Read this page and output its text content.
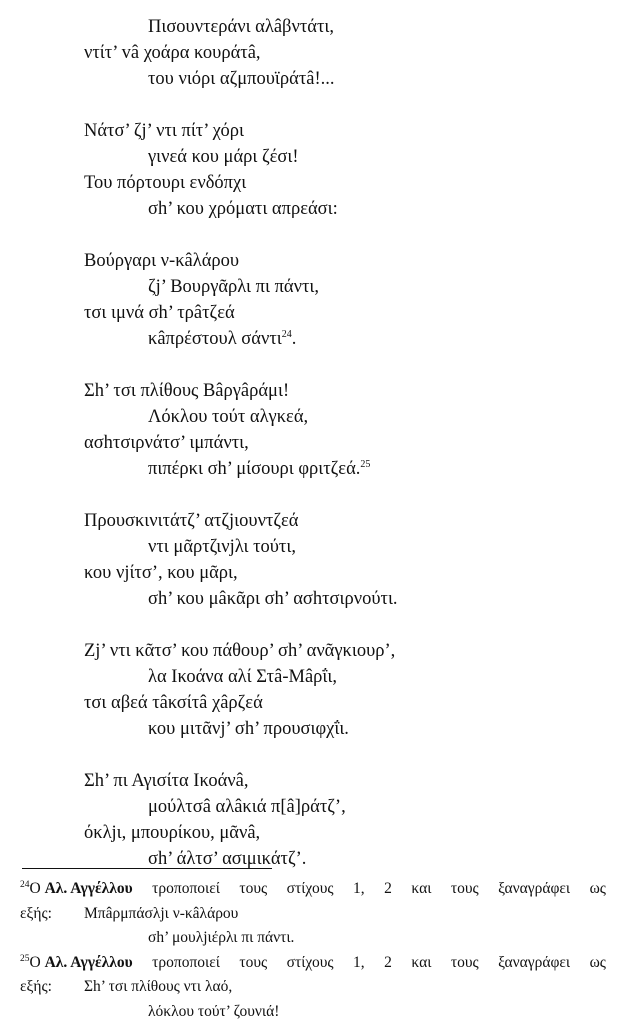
Πισουντεράνι αλâβντάτι,
ντίτ’ vâ χοάρα κουράτâ,
του νιόρι αζμπουϊράτâ!...
Νάτσ’ ζj’ ντι πίτ’ χόρι
γινεά κου μάρι ζέσι!
Του πόρτουρι ενδόπχι
σh’ κου χρόματι απρεάσι:
Βούργαρι ν-κâλάρου
ζj’ Βουργᾶρλι πι πάντι,
τσι ιμνά σh’ τρâτζεά
κâπρέστουλ σάντι$^{24}$.
Σh’ τσι πλίθους Βâργâράμι!
Λόκλου τούτ αλγκεά,
ασhτσιρνάτσ’ ιμπάντι,
πιπέρκι σh’ μίσουρι φριτζεά.$^{25}$
Προυσκινιτάτζ’ ατζjιουντζεά
ντι μᾶρτζινjλι τούτι,
κου νjίτσ’, κου μᾶρι,
σh’ κου μâκᾶρι σh’ ασhτσιρνούτι.
Ζj’ ντι κᾶτσ’ κου πάθουρ’ σh’ ανᾶγκιουρ’,
λα Ικοάνα αλί Στâ-Μâρΐι,
τσι αβεά τâκσίτâ χâρζεά
κου μιτᾶνj’ σh’ προυσιφχΐι.
Σh’ πι Αγισίτα Ικοάνâ,
μούλτσâ αλâκιά π[â]ράτζ’,
όκλjι, μπουρίκου, μᾶνâ,
σh’ άλτσ’ ασιμικάτζ’.
$^{24}$Ο Αλ. Αγγέλλου τροποποιεί τους στίχους 1, 2 και τους ξαναγράφει ως
εξής: Μπâρμπάσλjι ν-κâλάρου
σh’ μουλjιέρλι πι πάντι.
$^{25}$Ο Αλ. Αγγέλλου τροποποιεί τους στίχους 1, 2 και τους ξαναγράφει ως
εξής: Σh’ τσι πλίθους ντι λαό,
λόκλου τούτ’ ζουνιά!
